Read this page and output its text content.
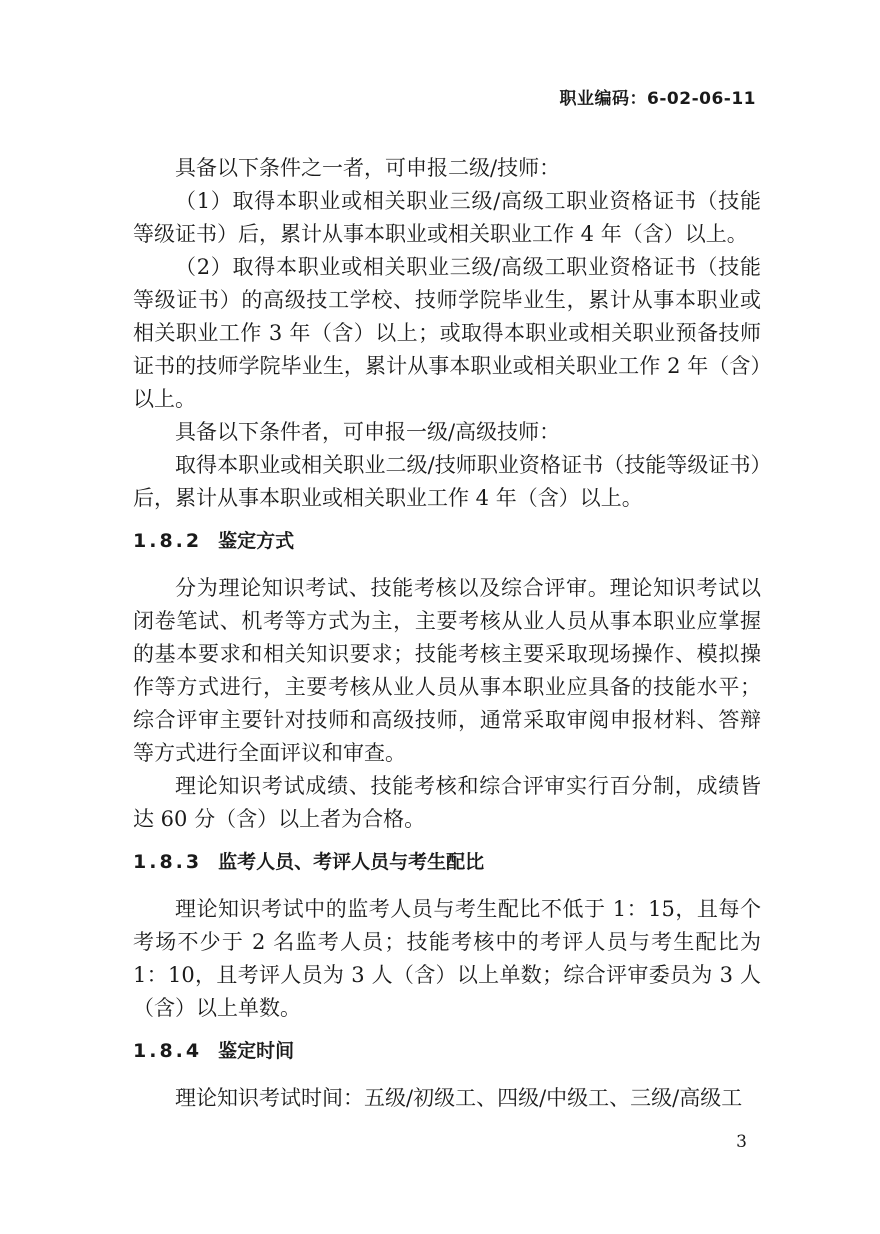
职业编码：6-02-06-11

具备以下条件之一者，可申报二级/技师：

（1）取得本职业或相关职业三级/高级工职业资格证书（技能等级证书）后，累计从事本职业或相关职业工作 4 年（含）以上。

（2）取得本职业或相关职业三级/高级工职业资格证书（技能等级证书）的高级技工学校、技师学院毕业生，累计从事本职业或相关职业工作 3 年（含）以上；或取得本职业或相关职业预备技师证书的技师学院毕业生，累计从事本职业或相关职业工作 2 年（含）以上。

具备以下条件者，可申报一级/高级技师：

取得本职业或相关职业二级/技师职业资格证书（技能等级证书）后，累计从事本职业或相关职业工作 4 年（含）以上。

1.8.2 鉴定方式

分为理论知识考试、技能考核以及综合评审。理论知识考试以闭卷笔试、机考等方式为主，主要考核从业人员从事本职业应掌握的基本要求和相关知识要求；技能考核主要采取现场操作、模拟操作等方式进行，主要考核从业人员从事本职业应具备的技能水平；综合评审主要针对技师和高级技师，通常采取审阅申报材料、答辩等方式进行全面评议和审查。

理论知识考试成绩、技能考核和综合评审实行百分制，成绩皆达 60 分（含）以上者为合格。

1.8.3 监考人员、考评人员与考生配比

理论知识考试中的监考人员与考生配比不低于 1：15，且每个考场不少于 2 名监考人员；技能考核中的考评人员与考生配比为 1：10，且考评人员为 3 人（含）以上单数；综合评审委员为 3 人（含）以上单数。

1.8.4 鉴定时间

理论知识考试时间：五级/初级工、四级/中级工、三级/高级工

3
